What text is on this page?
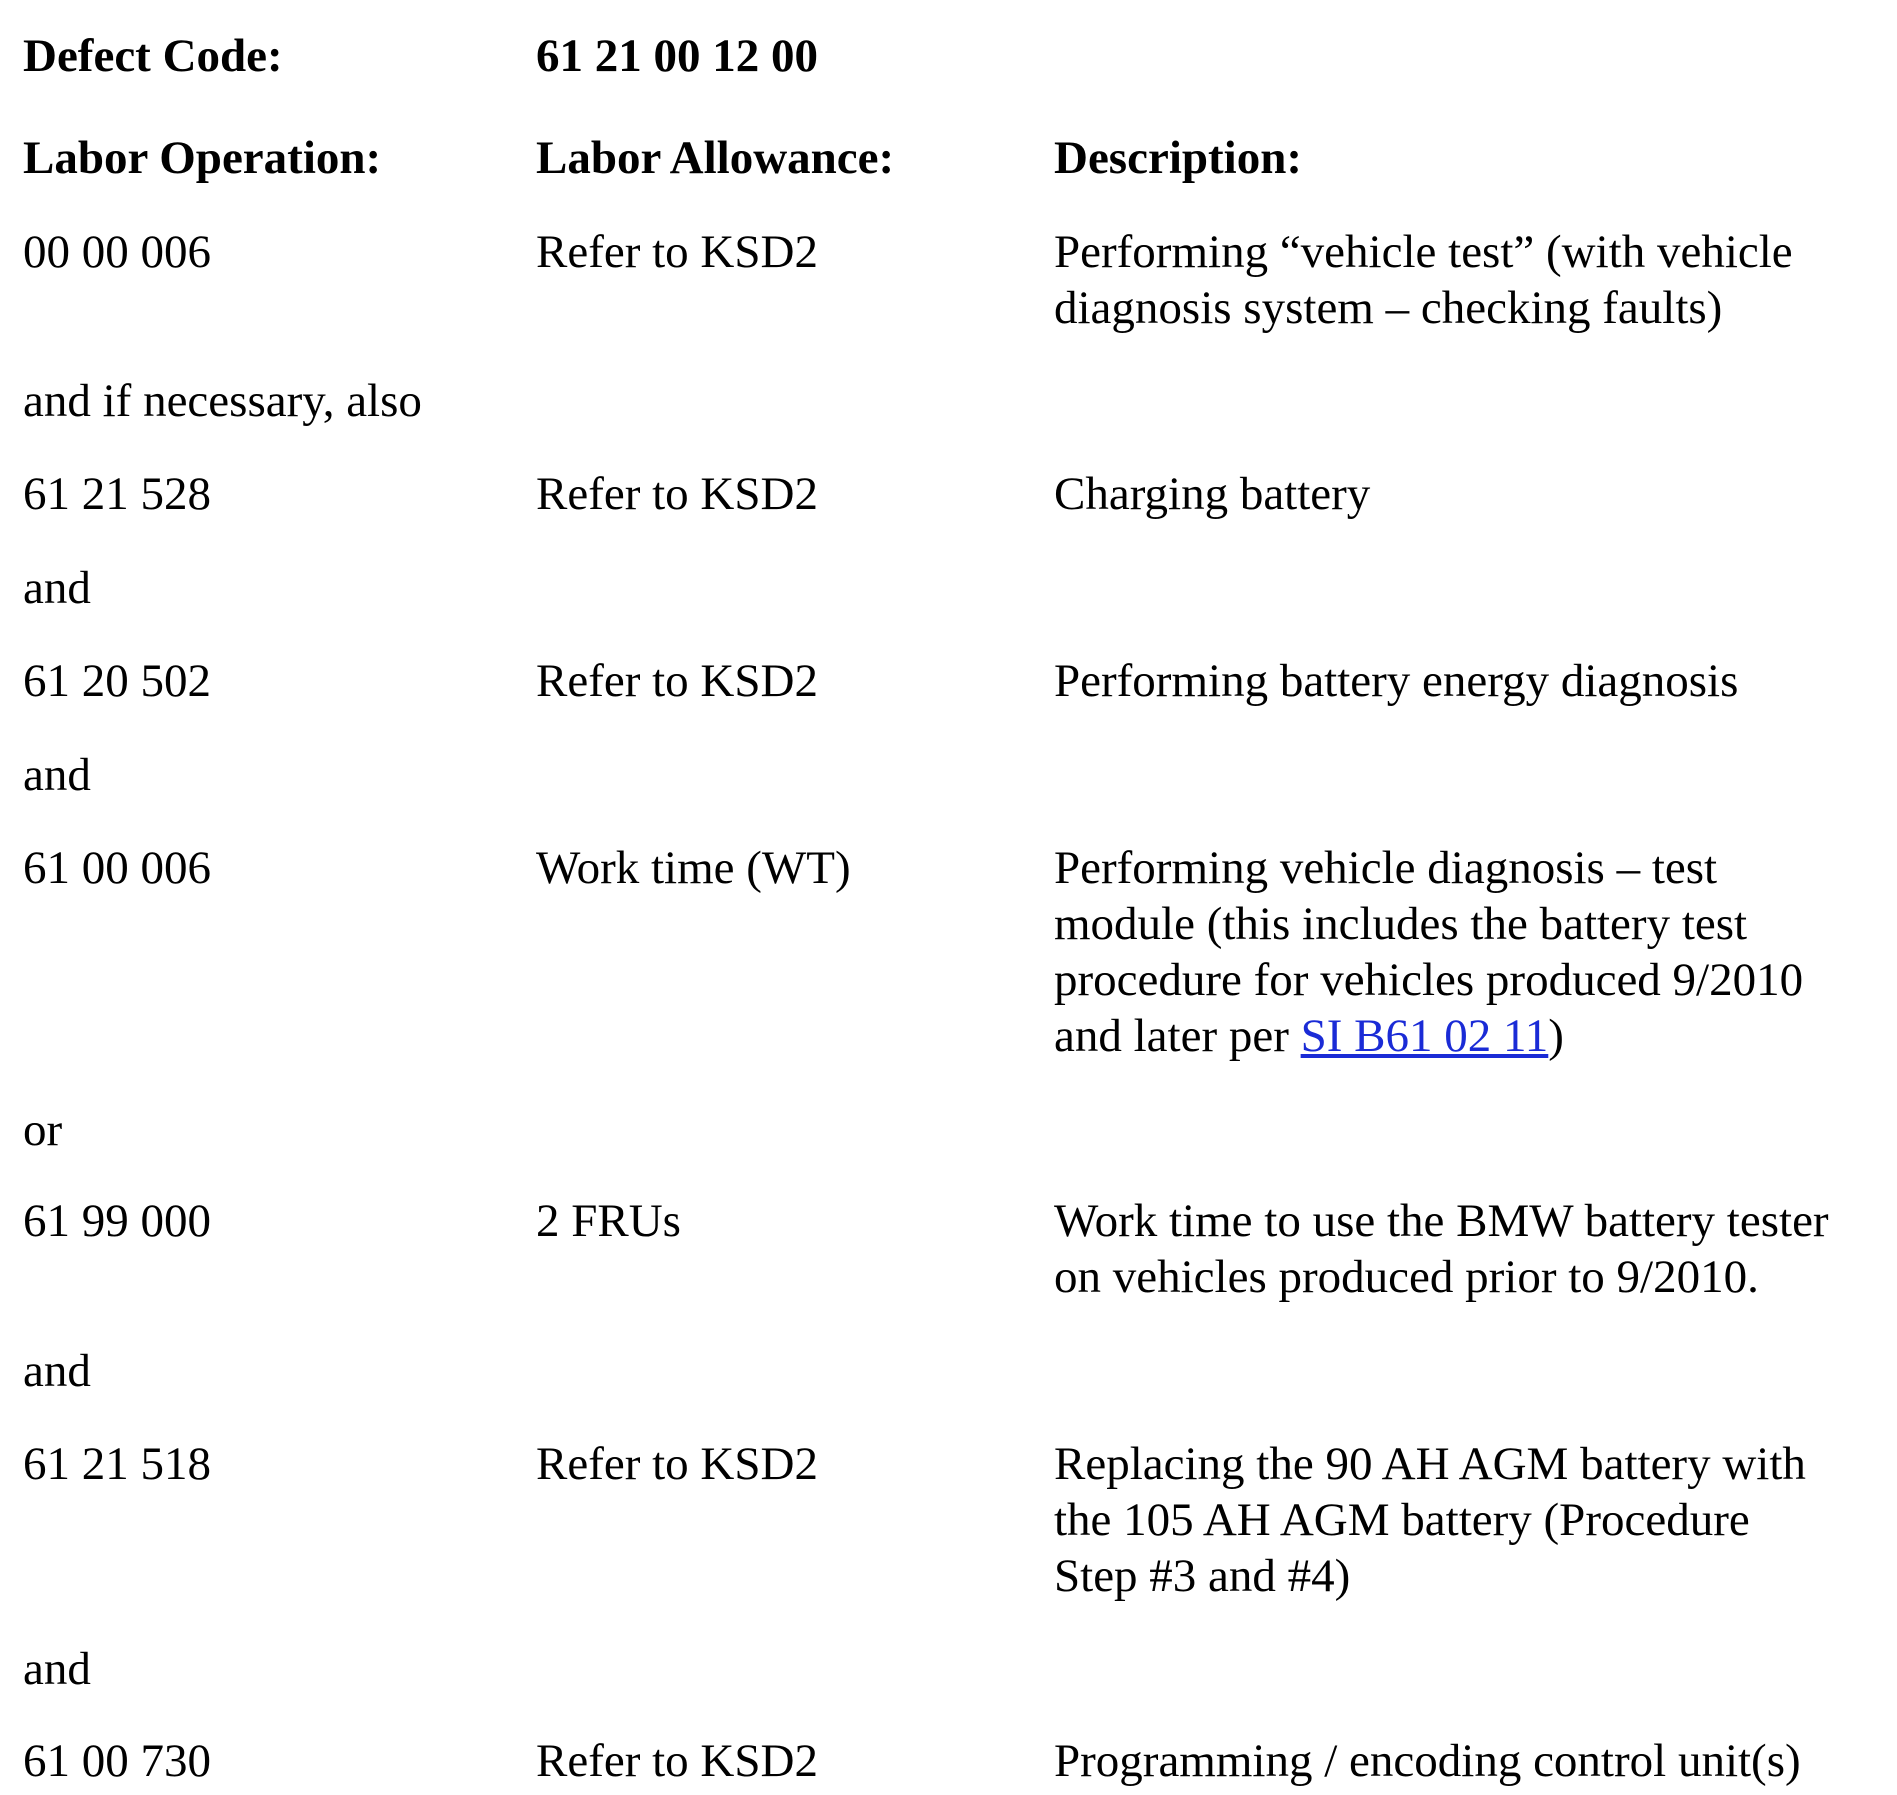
Defect Code:	61 21 00 12 00
Labor Operation:	Labor Allowance:	Description:
00 00 006	Refer to KSD2	Performing “vehicle test” (with vehicle
diagnosis system – checking faults)
and if necessary, also
61 21 528	Refer to KSD2	Charging battery
and
61 20 502	Refer to KSD2	Performing battery energy diagnosis
and
61 00 006	Work time (WT)	Performing vehicle diagnosis – test
module (this includes the battery test
procedure for vehicles produced 9/2010
and later per SI B61 02 11)
or
61 99 000	2 FRUs	Work time to use the BMW battery tester
on vehicles produced prior to 9/2010.
and
61 21 518	Refer to KSD2	Replacing the 90 AH AGM battery with
the 105 AH AGM battery (Procedure
Step #3 and #4)
and
61 00 730	Refer to KSD2	Programming / encoding control unit(s)
